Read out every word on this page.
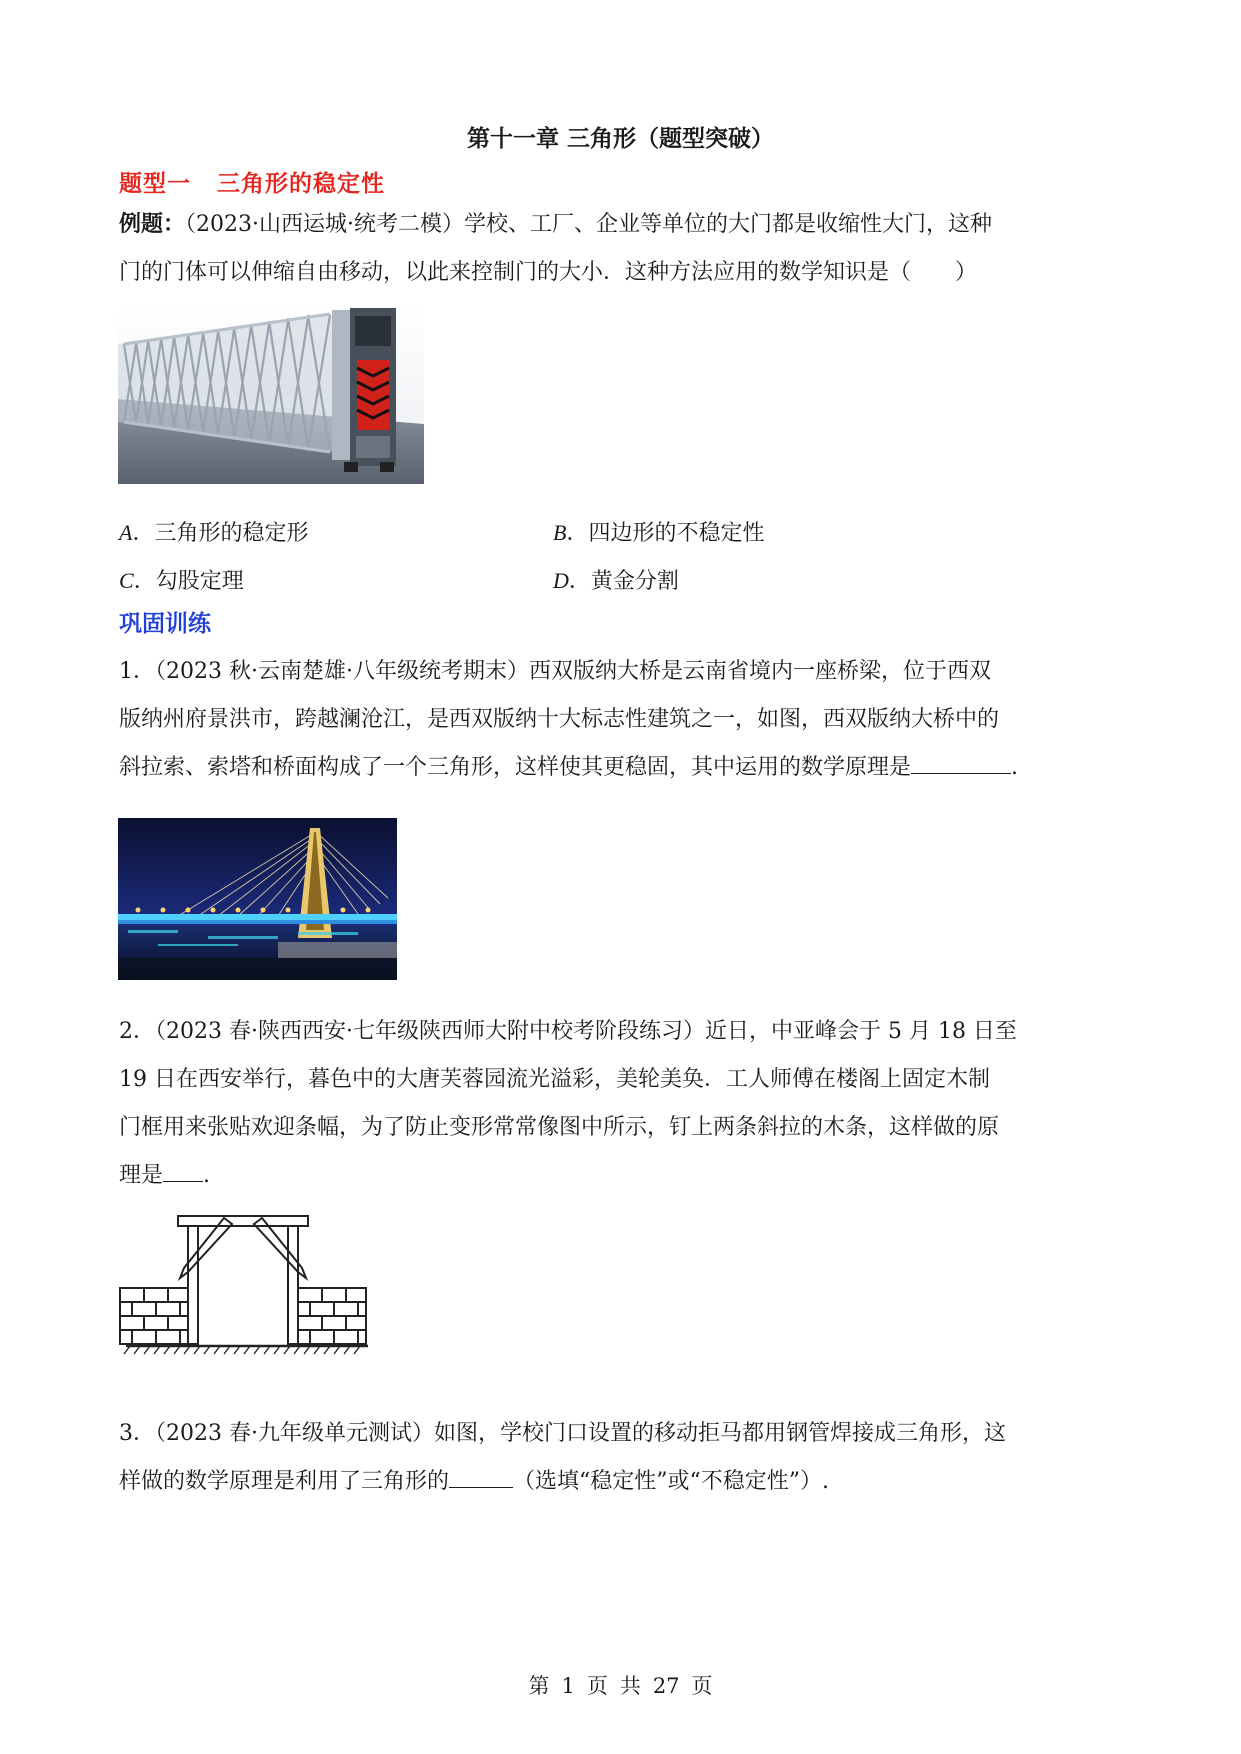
第十一章 三角形（题型突破）
题型一 三角形的稳定性
例题：（2023·山西运城·统考二模）学校、工厂、企业等单位的大门都是收缩性大门，这种
门的门体可以伸缩自由移动，以此来控制门的大小．这种方法应用的数学知识是（　　）
A．三角形的稳定形	B．四边形的不稳定性
C．勾股定理	D．黄金分割
巩固训练
1．（2023 秋·云南楚雄·八年级统考期末）西双版纳大桥是云南省境内一座桥梁，位于西双
版纳州府景洪市，跨越澜沧江，是西双版纳十大标志性建筑之一，如图，西双版纳大桥中的
斜拉索、索塔和桥面构成了一个三角形，这样使其更稳固，其中运用的数学原理是	.
2．（2023 春·陕西西安·七年级陕西师大附中校考阶段练习）近日，中亚峰会于 5 月 18 日至
19 日在西安举行，暮色中的大唐芙蓉园流光溢彩，美轮美奂．工人师傅在楼阁上固定木制
门框用来张贴欢迎条幅，为了防止变形常常像图中所示，钉上两条斜拉的木条，这样做的原
理是 .
3．（2023 春·九年级单元测试）如图，学校门口设置的移动拒马都用钢管焊接成三角形，这
样做的数学原理是利用了三角形的	（选填“稳定性”或“不稳定性”）.
第 1 页 共 27 页
